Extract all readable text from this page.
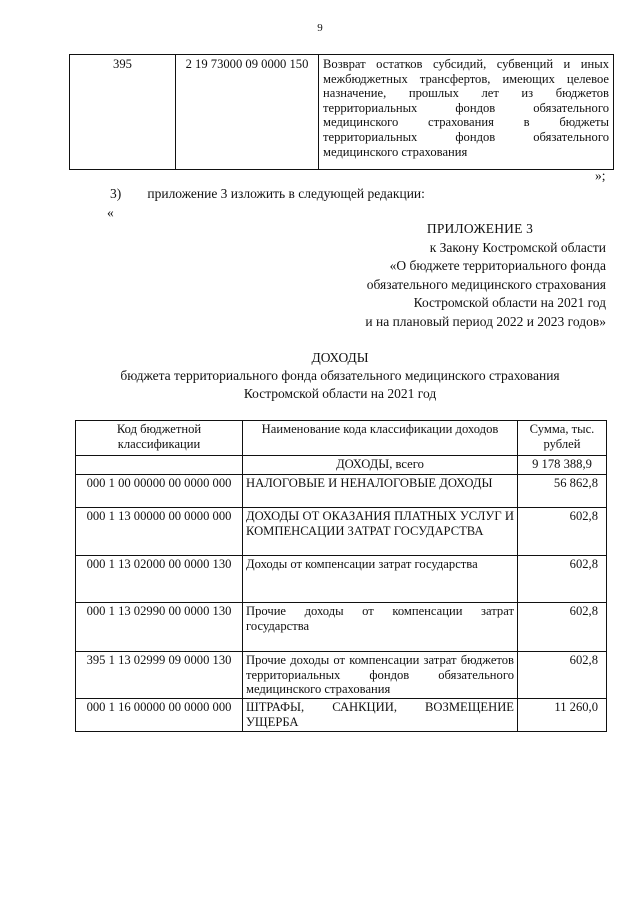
9
395	2 19 73000 09 0000 150	Возврат остатков субсидий, субвенций и иных межбюджетных трансфертов, имеющих целевое назначение, прошлых лет из бюджетов территориальных фондов обязательного медицинского страхования в бюджеты территориальных фондов обязательного медицинского страхования
»;
3) приложение 3 изложить в следующей редакции:
«
ПРИЛОЖЕНИЕ 3
к Закону Костромской области
«О бюджете территориального фонда
обязательного медицинского страхования
Костромской области на 2021 год
и на плановый период 2022 и 2023 годов»
ДОХОДЫ
бюджета территориального фонда обязательного медицинского страхования
Костромской области на 2021 год
Код бюджетной классификации	Наименование кода классификации доходов	Сумма, тыс. рублей
	ДОХОДЫ, всего	9 178 388,9
000 1 00 00000 00 0000 000	НАЛОГОВЫЕ И НЕНАЛОГОВЫЕ ДОХОДЫ	56 862,8
000 1 13 00000 00 0000 000	ДОХОДЫ ОТ ОКАЗАНИЯ ПЛАТНЫХ УСЛУГ И КОМПЕНСАЦИИ ЗАТРАТ ГОСУДАРСТВА	602,8
000 1 13 02000 00 0000 130	Доходы от компенсации затрат государства	602,8
000 1 13 02990 00 0000 130	Прочие доходы от компенсации затрат государства	602,8
395 1 13 02999 09 0000 130	Прочие доходы от компенсации затрат бюджетов территориальных фондов обязательного медицинского страхования	602,8
000 1 16 00000 00 0000 000	ШТРАФЫ, САНКЦИИ, ВОЗМЕЩЕНИЕ УЩЕРБА	11 260,0
